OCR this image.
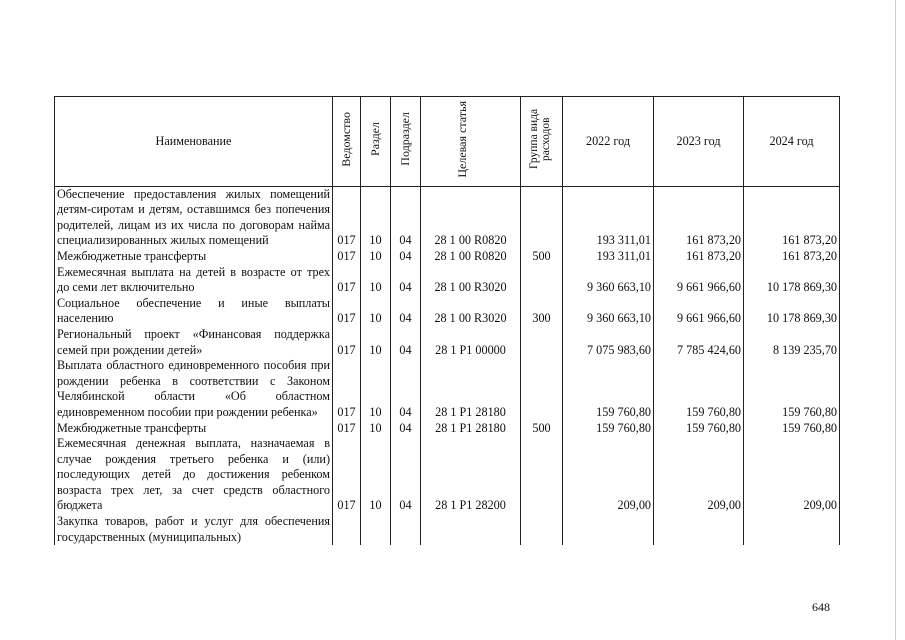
Наименование	Ведомство	Раздел	Подраздел	Целевая статья	Группа вида расходов	2022 год	2023 год	2024 год
Обеспечение предоставления жилых помещений детям-сиротам и детям, оставшимся без попечения родителей, лицам из их числа по договорам найма специализированных жилых помещений	017	10	04	28 1 00 R0820		193 311,01	161 873,20	161 873,20
Межбюджетные трансферты	017	10	04	28 1 00 R0820	500	193 311,01	161 873,20	161 873,20
Ежемесячная выплата на детей в возрасте от трех до семи лет включительно	017	10	04	28 1 00 R3020		9 360 663,10	9 661 966,60	10 178 869,30
Социальное обеспечение и иные выплаты населению	017	10	04	28 1 00 R3020	300	9 360 663,10	9 661 966,60	10 178 869,30
Региональный проект «Финансовая поддержка семей при рождении детей»	017	10	04	28 1 P1 00000		7 075 983,60	7 785 424,60	8 139 235,70
Выплата областного единовременного пособия при рождении ребенка в соответствии с Законом Челябинской области «Об областном единовременном пособии при рождении ребенка»	017	10	04	28 1 P1 28180		159 760,80	159 760,80	159 760,80
Межбюджетные трансферты	017	10	04	28 1 P1 28180	500	159 760,80	159 760,80	159 760,80
Ежемесячная денежная выплата, назначаемая в случае рождения третьего ребенка и (или) последующих детей до достижения ребенком возраста трех лет, за счет средств областного бюджета	017	10	04	28 1 P1 28200		209,00	209,00	209,00
Закупка товаров, работ и услуг для обеспечения государственных (муниципальных)								
648
